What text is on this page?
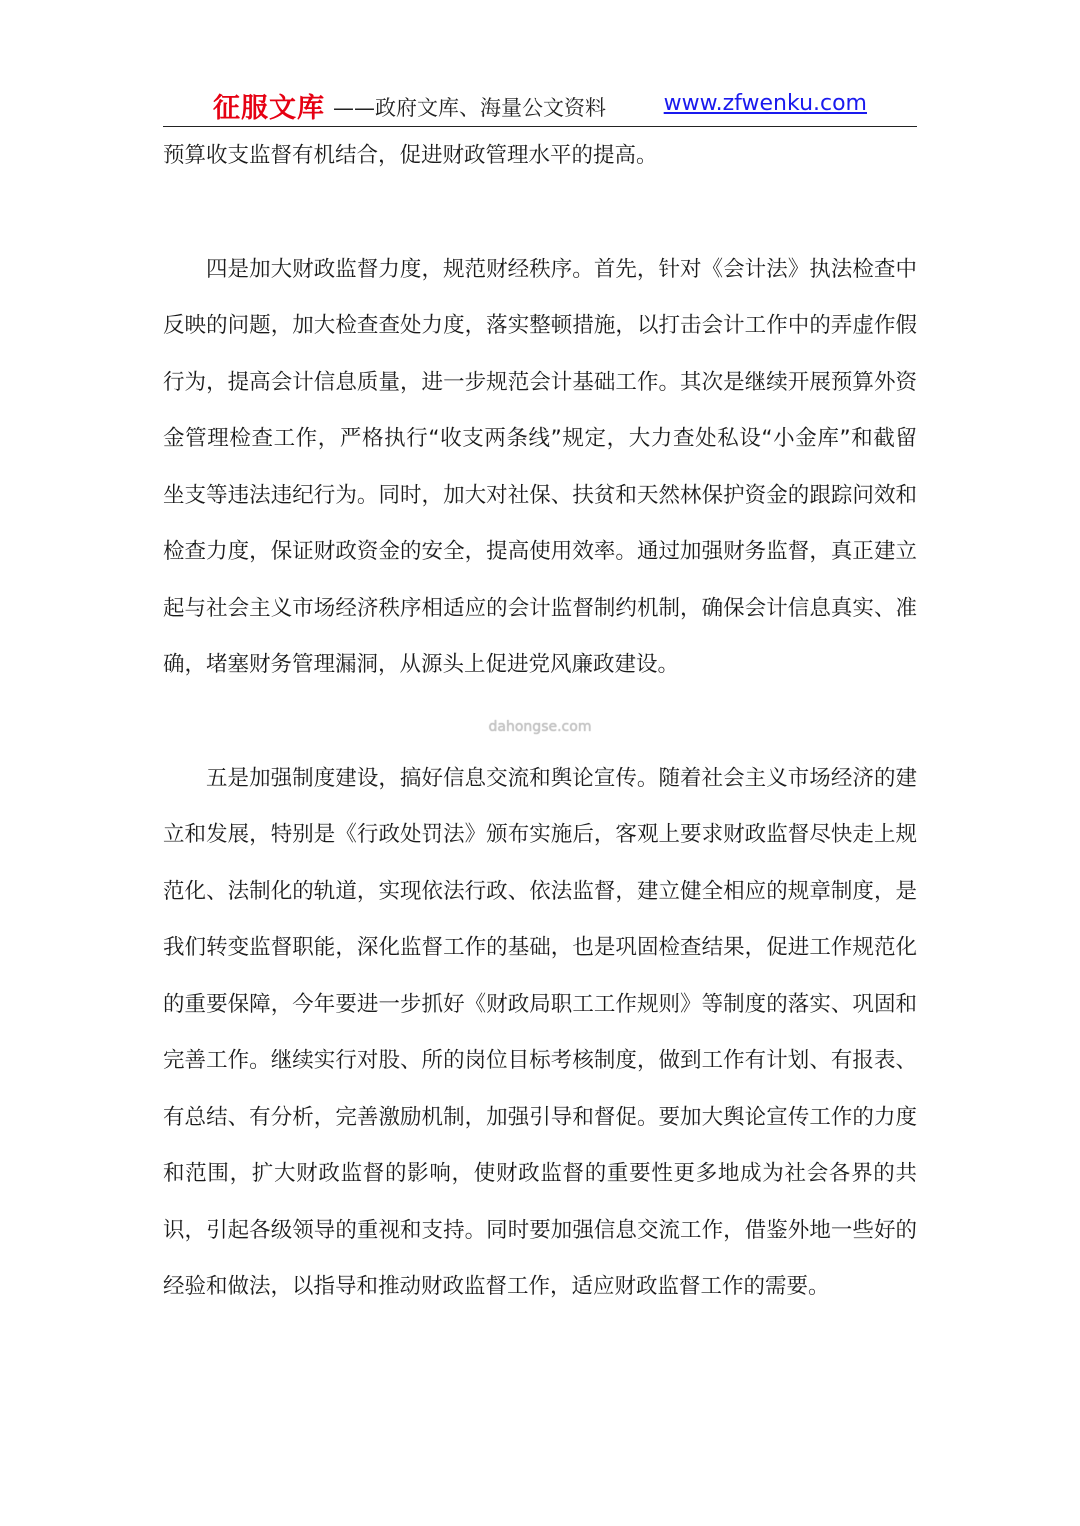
征服文库 ——政府文库、海量公文资料	www.zfwenku.com

预算收支监督有机结合，促进财政管理水平的提高。

四是加大财政监督力度，规范财经秩序。首先，针对《会计法》执法检查中反映的问题，加大检查查处力度，落实整顿措施，以打击会计工作中的弄虚作假行为，提高会计信息质量，进一步规范会计基础工作。其次是继续开展预算外资金管理检查工作，严格执行“收支两条线”规定，大力查处私设“小金库”和截留坐支等违法违纪行为。同时，加大对社保、扶贫和天然林保护资金的跟踪问效和检查力度，保证财政资金的安全，提高使用效率。通过加强财务监督，真正建立起与社会主义市场经济秩序相适应的会计监督制约机制，确保会计信息真实、准确，堵塞财务管理漏洞，从源头上促进党风廉政建设。

dahongse.com

五是加强制度建设，搞好信息交流和舆论宣传。随着社会主义市场经济的建立和发展，特别是《行政处罚法》颁布实施后，客观上要求财政监督尽快走上规范化、法制化的轨道，实现依法行政、依法监督，建立健全相应的规章制度，是我们转变监督职能，深化监督工作的基础，也是巩固检查结果，促进工作规范化的重要保障，今年要进一步抓好《财政局职工工作规则》等制度的落实、巩固和完善工作。继续实行对股、所的岗位目标考核制度，做到工作有计划、有报表、有总结、有分析，完善激励机制，加强引导和督促。要加大舆论宣传工作的力度和范围，扩大财政监督的影响，使财政监督的重要性更多地成为社会各界的共识，引起各级领导的重视和支持。同时要加强信息交流工作，借鉴外地一些好的经验和做法，以指导和推动财政监督工作，适应财政监督工作的需要。
